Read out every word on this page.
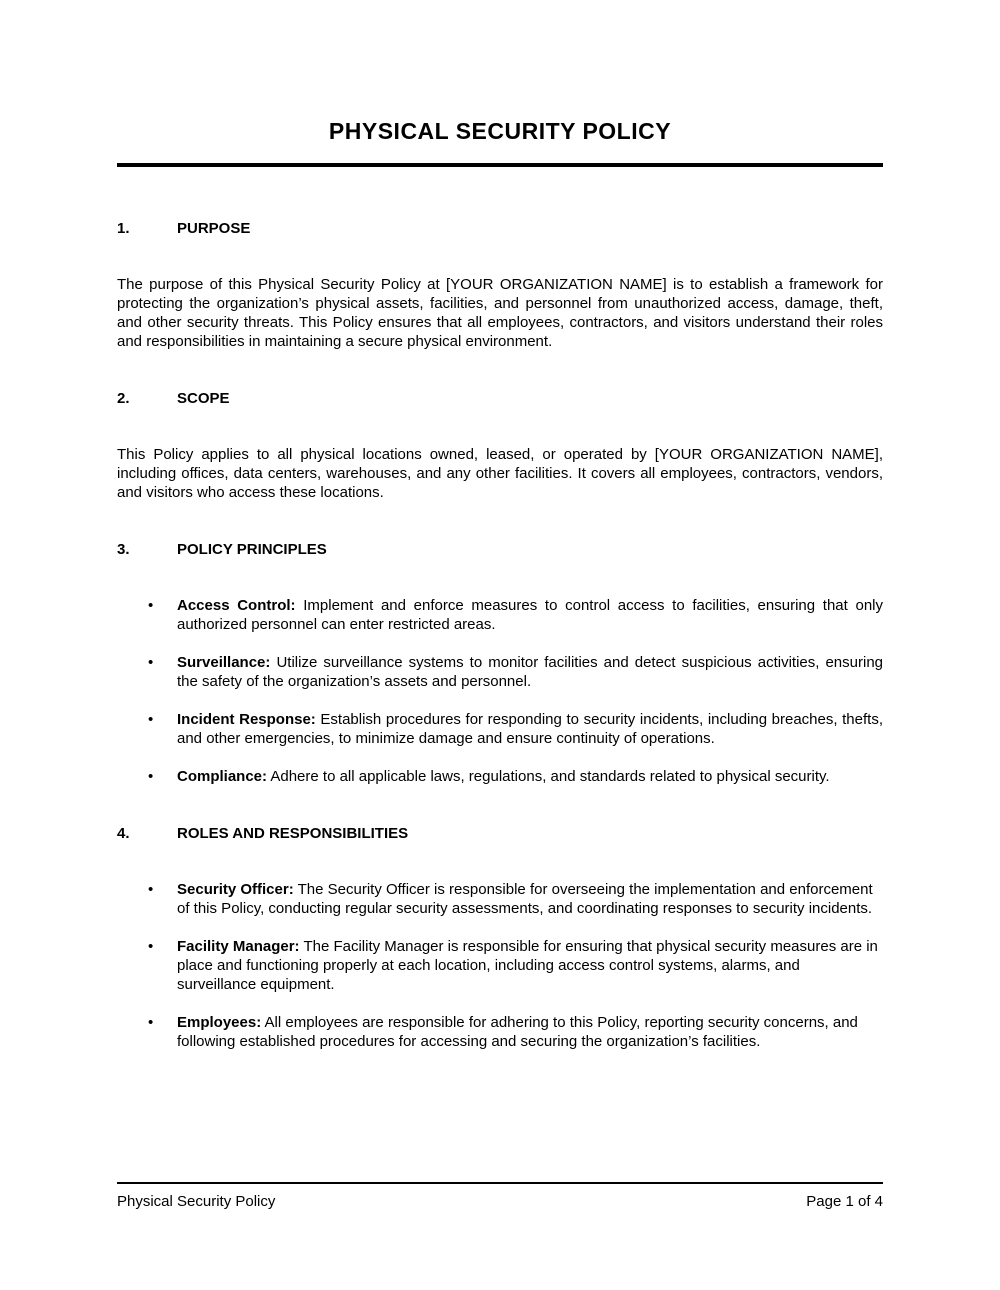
PHYSICAL SECURITY POLICY
1.	PURPOSE

The purpose of this Physical Security Policy at [YOUR ORGANIZATION NAME] is to establish a framework for protecting the organization’s physical assets, facilities, and personnel from unauthorized access, damage, theft, and other security threats. This Policy ensures that all employees, contractors, and visitors understand their roles and responsibilities in maintaining a secure physical environment.

2.	SCOPE

This Policy applies to all physical locations owned, leased, or operated by [YOUR ORGANIZATION NAME], including offices, data centers, warehouses, and any other facilities. It covers all employees, contractors, vendors, and visitors who access these locations.

3.	POLICY PRINCIPLES
• Access Control: Implement and enforce measures to control access to facilities, ensuring that only authorized personnel can enter restricted areas.
• Surveillance: Utilize surveillance systems to monitor facilities and detect suspicious activities, ensuring the safety of the organization’s assets and personnel.
• Incident Response: Establish procedures for responding to security incidents, including breaches, thefts, and other emergencies, to minimize damage and ensure continuity of operations.
• Compliance: Adhere to all applicable laws, regulations, and standards related to physical security.
4.	ROLES AND RESPONSIBILITIES
• Security Officer: The Security Officer is responsible for overseeing the implementation and enforcement of this Policy, conducting regular security assessments, and coordinating responses to security incidents.
• Facility Manager: The Facility Manager is responsible for ensuring that physical security measures are in place and functioning properly at each location, including access control systems, alarms, and surveillance equipment.
• Employees: All employees are responsible for adhering to this Policy, reporting security concerns, and following established procedures for accessing and securing the organization’s facilities.
Physical Security Policy	Page 1 of 4
